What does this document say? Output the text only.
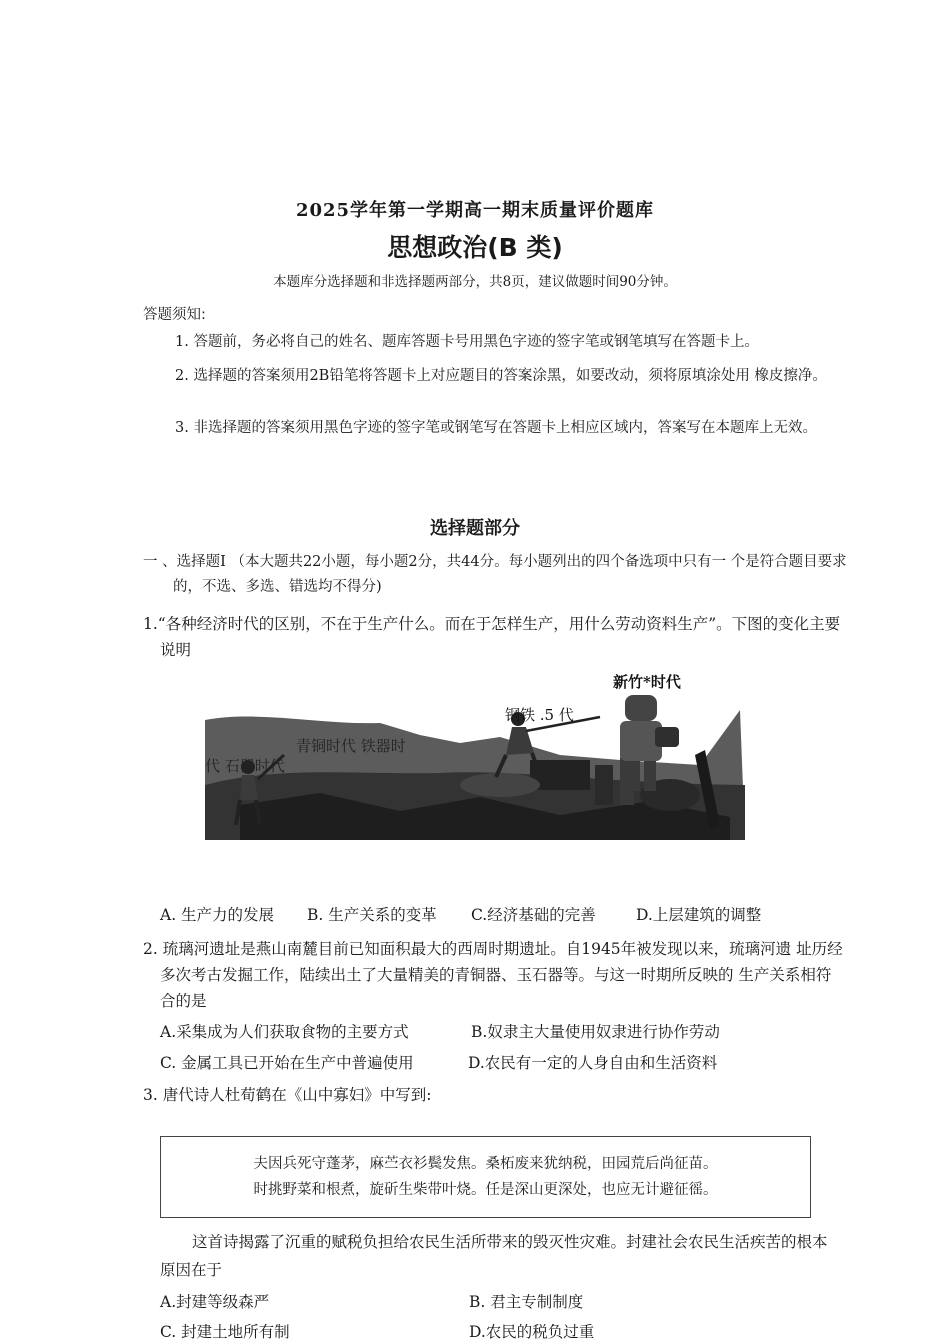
2025学年第一学期高一期末质量评价题库
思想政治(B 类)
本题库分选择题和非选择题两部分，共8页，建议做题时间90分钟。
答题须知:
1. 答题前，务必将自己的姓名、题库答题卡号用黑色字迹的签字笔或钢笔填写在答题卡上。
2. 选择题的答案须用2B铅笔将答题卡上对应题目的答案涂黑，如要改动，须将原填涂处用 橡皮擦净。
3. 非选择题的答案须用黑色字迹的签字笔或钢笔写在答题卡上相应区域内，答案写在本题库上无效。
选择题部分
一 、选择题Ⅰ （本大题共22小题，每小题2分，共44分。每小题列出的四个备选项中只有一 个是符合题目要求的，不选、多选、错选均不得分)
1.“各种经济时代的区别，不在于生产什么。而在于怎样生产，用什么劳动资料生产”。下图的变化主要说明
青铜时代 铁器时
代 石器时代
钢铁 .5 代
新竹*时代
A. 生产力的发展 B. 生产关系的变革 C.经济基础的完善	D.上层建筑的调整
2. 琉璃河遗址是燕山南麓目前已知面积最大的西周时期遗址。自1945年被发现以来，琉璃河遗 址历经多次考古发掘工作，陆续出土了大量精美的青铜器、玉石器等。与这一时期所反映的 生产关系相符合的是
A.采集成为人们获取食物的主要方式	B.奴隶主大量使用奴隶进行协作劳动
C. 金属工具已开始在生产中普遍使用	D.农民有一定的人身自由和生活资料
3. 唐代诗人杜荀鹤在《山中寡妇》中写到:
夫因兵死守蓬茅，麻苎衣衫鬓发焦。桑柘废来犹纳税，田园荒后尚征苗。
时挑野菜和根煮，旋斫生柴带叶烧。任是深山更深处，也应无计避征徭。
这首诗揭露了沉重的赋税负担给农民生活所带来的毁灭性灾难。封建社会农民生活疾苦的根本原因在于
A.封建等级森严	B. 君主专制制度
C. 封建土地所有制	D.农民的税负过重
